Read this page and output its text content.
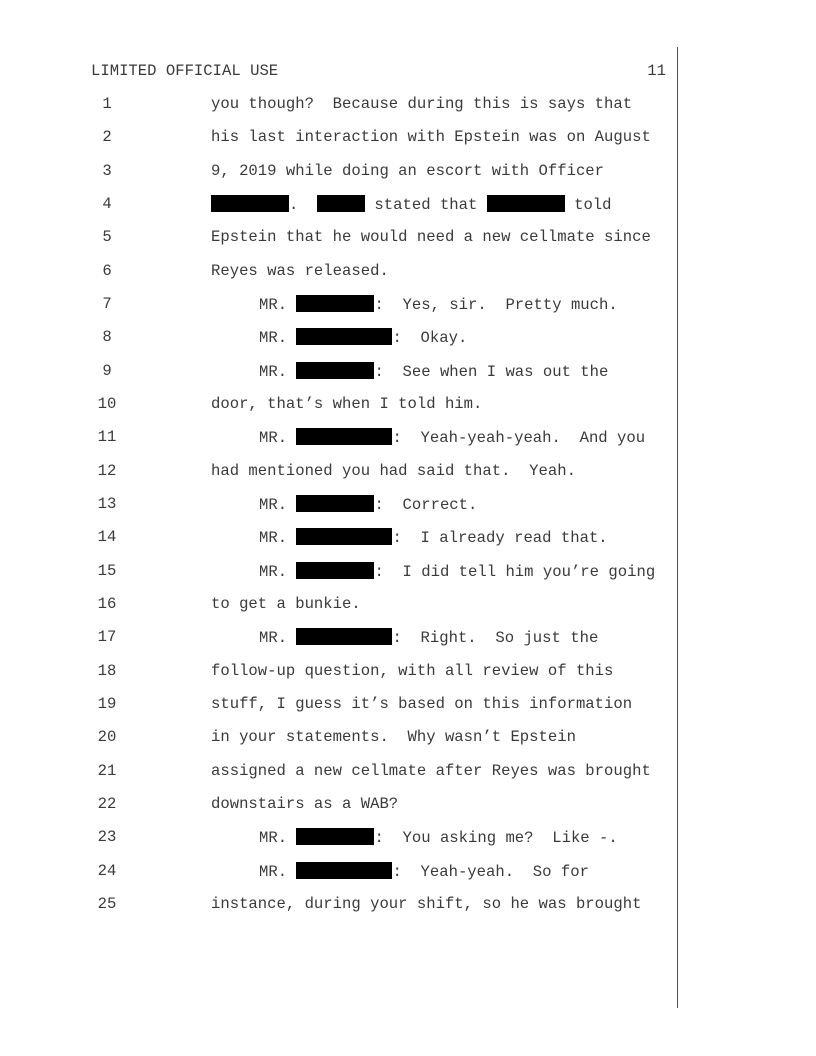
LIMITED OFFICIAL USE	11
1	you though?  Because during this is says that
2	his last interaction with Epstein was on August
3	9, 2019 while doing an escort with Officer
4	.	stated that	told
5	Epstein that he would need a new cellmate since
6	Reyes was released.
7	MR.	:  Yes, sir.  Pretty much.
8	MR.	:  Okay.
9	MR.	:  See when I was out the
10	door, that’s when I told him.
11	MR.	:  Yeah-yeah-yeah.  And you
12	had mentioned you had said that.  Yeah.
13	MR.	:  Correct.
14	MR.	:  I already read that.
15	MR.	:  I did tell him you’re going
16	to get a bunkie.
17	MR.	:  Right.  So just the
18	follow-up question, with all review of this
19	stuff, I guess it’s based on this information
20	in your statements.  Why wasn’t Epstein
21	assigned a new cellmate after Reyes was brought
22	downstairs as a WAB?
23	MR.	:  You asking me?  Like -.
24	MR.	:  Yeah-yeah.  So for
25	instance, during your shift, so he was brought
